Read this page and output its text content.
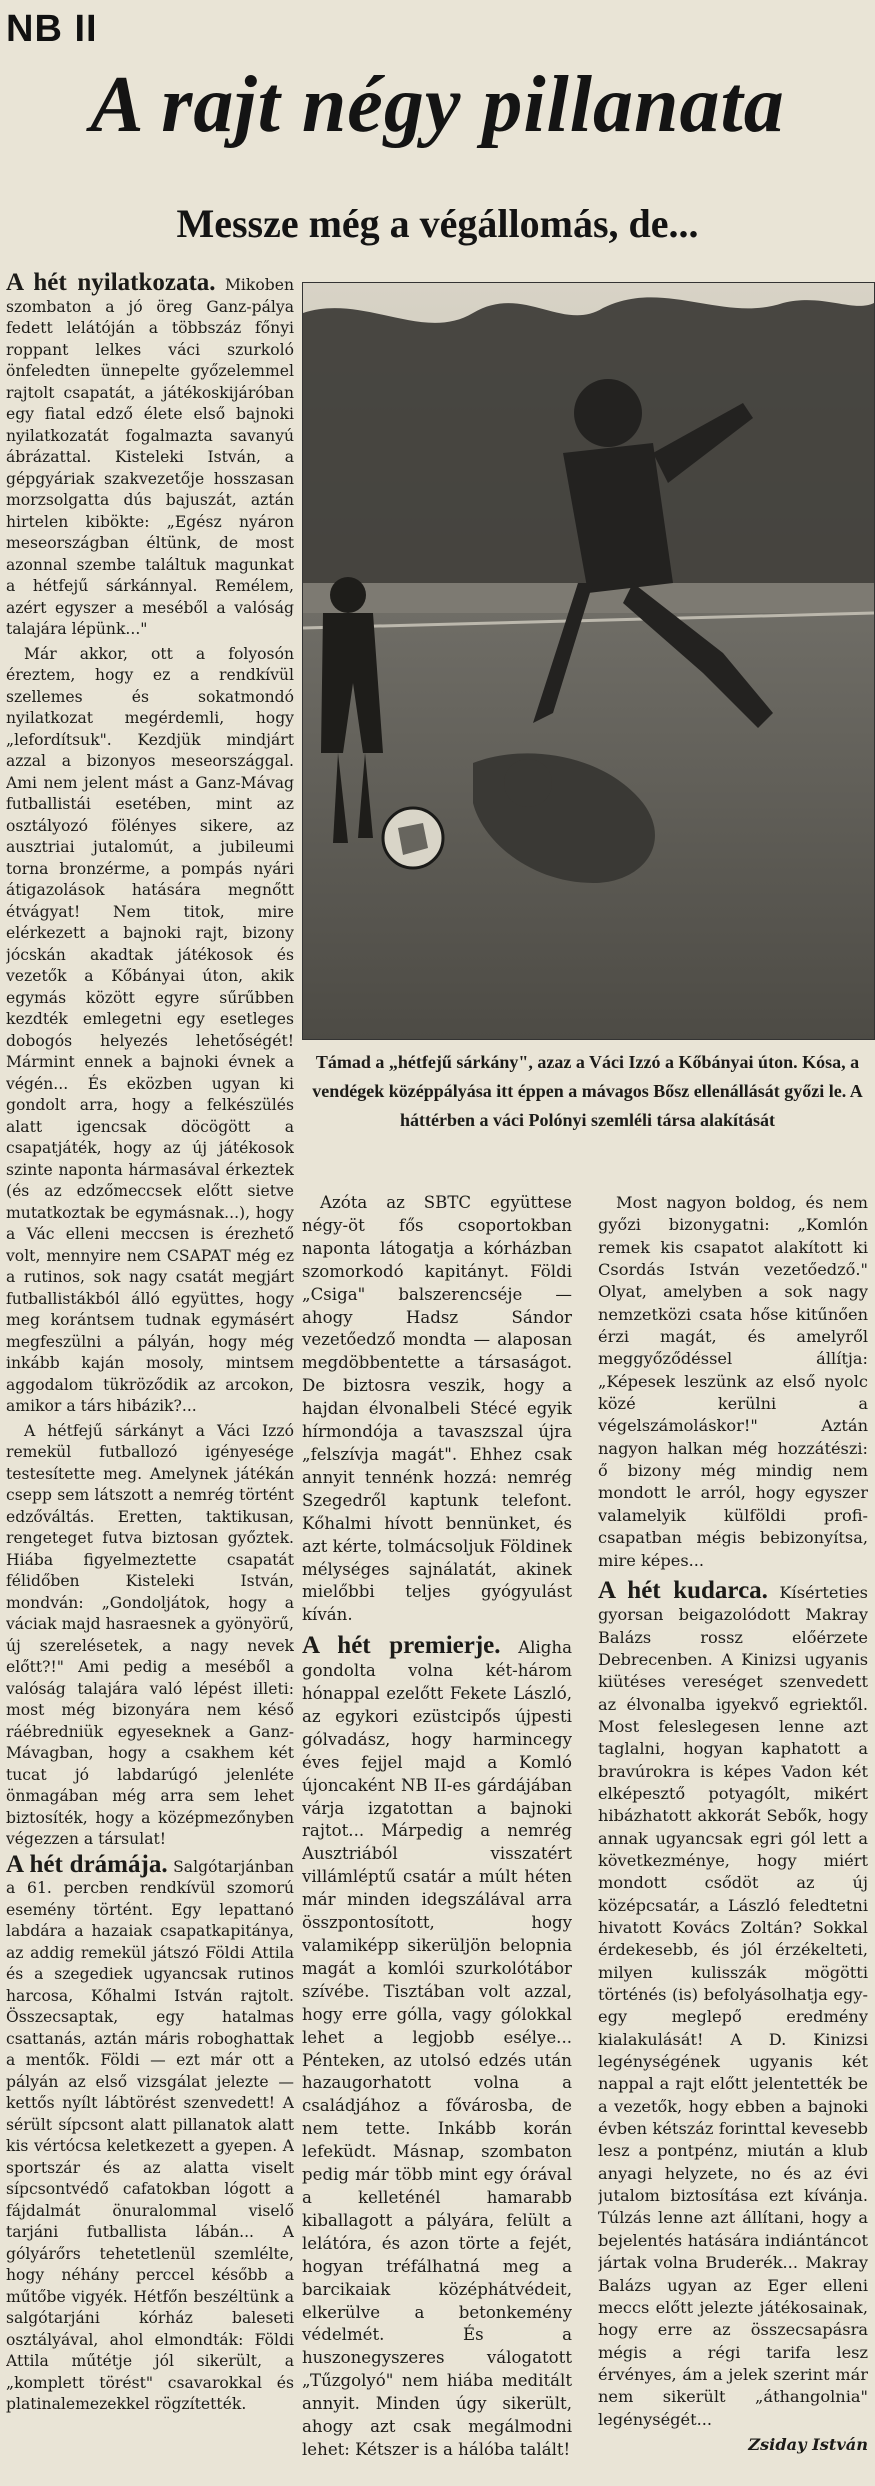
NB II
A rajt négy pillanata
Messze még a végállomás, de...

A hét nyilatkozata. Mikoben szombaton a jó öreg Ganz-pálya fedett lelátóján a többszáz főnyi roppant lelkes váci szurkoló önfeledten ünnepelte győzelemmel rajtolt csapatát, a játékoskijáróban egy fiatal edző élete első bajnoki nyilatkozatát fogalmazta savanyú ábrázattal. Kisteleki István, a gépgyáriak szakvezetője hosszasan morzsolgatta dús bajuszát, aztán hirtelen kibökte: „Egész nyáron meseországban éltünk, de most azonnal szembe találtuk magunkat a hétfejű sárkánnyal. Remélem, azért egyszer a meséből a valóság talajára lépünk..."

Már akkor, ott a folyosón éreztem, hogy ez a rendkívül szellemes és sokatmondó nyilatkozat megérdemli, hogy „lefordítsuk". Kezdjük mindjárt azzal a bizonyos meseországgal. Ami nem jelent mást a Ganz-Mávag futballistái esetében, mint az osztályozó fölényes sikere, az ausztriai jutalomút, a jubileumi torna bronzérme, a pompás nyári átigazolások hatására megnőtt étvágyat! Nem titok, mire elérkezett a bajnoki rajt, bizony jócskán akadtak játékosok és vezetők a Kőbányai úton, akik egymás között egyre sűrűbben kezdték emlegetni egy esetleges dobogós helyezés lehetőségét! Mármint ennek a bajnoki évnek a végén... És eközben ugyan ki gondolt arra, hogy a felkészülés alatt igencsak döcögött a csapatjáték, hogy az új játékosok szinte naponta hármasával érkeztek (és az edzőmeccsek előtt sietve mutatkoztak be egymásnak...), hogy a Vác elleni meccsen is érezhető volt, mennyire nem CSAPAT még ez a rutinos, sok nagy csatát megjárt futballistákból álló együttes, hogy meg korántsem tudnak egymásért megfeszülni a pályán, hogy még inkább kaján mosoly, mintsem aggodalom tükröződik az arcokon, amikor a társ hibázik?...

A hétfejű sárkányt a Váci Izzó remekül futballozó igényesége testesítette meg. Amelynek játékán csepp sem látszott a nemrég történt edzőváltás. Eretten, taktikusan, rengeteget futva biztosan győztek. Hiába figyelmeztette csapatát félidőben Kisteleki István, mondván: „Gondoljátok, hogy a váciak majd hasraesnek a gyönyörű, új szerelésetek, a nagy nevek előtt?!" Ami pedig a meséből a valóság talajára való lépést illeti: most még bizonyára nem késő ráébredniük egyeseknek a Ganz-Mávagban, hogy a csakhem két tucat jó labdarúgó jelenléte önmagában még arra sem lehet biztosíték, hogy a középmezőnyben végezzen a társulat!

A hét drámája. Salgótarjánban a 61. percben rendkívül szomorú esemény történt. Egy lepattanó labdára a hazaiak csapatkapitánya, az addig remekül játszó Földi Attila és a szegediek ugyancsak rutinos harcosa, Kőhalmi István rajtolt. Összecsaptak, egy hatalmas csattanás, aztán máris roboghattak a mentők. Földi — ezt már ott a pályán az első vizsgálat jelezte — kettős nyílt lábtörést szenvedett! A sérült sípcsont alatt pillanatok alatt kis vértócsa keletkezett a gyepen. A sportszár és az alatta viselt sípcsontvédő cafatokban lógott a fájdalmát önuralommal viselő tarjáni futballista lábán... A gólyárőrs tehetetlenül szemlélte, hogy néhány perccel később a műtőbe vigyék. Hétfőn beszéltünk a salgótarjáni kórház baleseti osztályával, ahol elmondták: Földi Attila műtétje jól sikerült, a „komplett törést" csavarokkal és platinalemezekkel rögzítették.

Támad a „hétfejű sárkány", azaz a Váci Izzó a Kőbányai úton. Kósa, a vendégek középpályása itt éppen a mávagos Bősz ellenállását győzi le. A háttérben a váci Polónyi szemléli társa alakítását

Azóta az SBTC együttese négy-öt fős csoportokban naponta látogatja a kórházban szomorkodó kapitányt. Földi „Csiga" balszerencséje — ahogy Hadsz Sándor vezetőedző mondta — alaposan megdöbbentette a társaságot. De biztosra veszik, hogy a hajdan élvonalbeli Stécé egyik hírmondója a tavaszszal újra „felszívja magát". Ehhez csak annyit tennénk hozzá: nemrég Szegedről kaptunk telefont. Kőhalmi hívott bennünket, és azt kérte, tolmácsoljuk Földinek mélységes sajnálatát, akinek mielőbbi teljes gyógyulást kíván.

A hét premierje. Aligha gondolta volna két-három hónappal ezelőtt Fekete László, az egykori ezüstcipős újpesti gólvadász, hogy harmincegy éves fejjel majd a Komló újoncaként NB II-es gárdájában várja izgatottan a bajnoki rajtot... Márpedig a nemrég Ausztriából visszatért villámléptű csatár a múlt héten már minden idegszálával arra összpontosított, hogy valamiképp sikerüljön belopnia magát a komlói szurkolótábor szívébe. Tisztában volt azzal, hogy erre gólla, vagy gólokkal lehet a legjobb esélye... Pénteken, az utolsó edzés után hazaugorhatott volna a családjához a fővárosba, de nem tette. Inkább korán lefeküdt. Másnap, szombaton pedig már több mint egy órával a kelleténél hamarabb kiballagott a pályára, felült a lelátóra, és azon törte a fejét, hogyan tréfálhatná meg a barcikaiak középhátvédeit, elkerülve a betonkemény védelmét. És a huszonegyszeres válogatott „Tűzgolyó" nem hiába meditált annyit. Minden úgy sikerült, ahogy azt csak megálmodni lehet: Kétszer is a hálóba talált!

Most nagyon boldog, és nem győzi bizonygatni: „Komlón remek kis csapatot alakított ki Csordás István vezetőedző." Olyat, amelyben a sok nagy nemzetközi csata hőse kitűnően érzi magát, és amelyről meggyőződéssel állítja: „Képesek leszünk az első nyolc közé kerülni a végelszámoláskor!" Aztán nagyon halkan még hozzátészi: ő bizony még mindig nem mondott le arról, hogy egyszer valamelyik külföldi profi-csapatban mégis bebizonyítsa, mire képes...

A hét kudarca. Kísérteties gyorsan beigazolódott Makray Balázs rossz előérzete Debrecenben. A Kinizsi ugyanis kiütéses vereséget szenvedett az élvonalba igyekvő egriektől. Most feleslegesen lenne azt taglalni, hogyan kaphatott a bravúrokra is képes Vadon két elképesztő potyagólt, mikért hibázhatott akkorát Sebők, hogy annak ugyancsak egri gól lett a következménye, hogy miért mondott csődöt az új középcsatár, a László feledtetni hivatott Kovács Zoltán? Sokkal érdekesebb, és jól érzékelteti, milyen kulisszák mögötti történés (is) befolyásolhatja egy-egy meglepő eredmény kialakulását! A D. Kinizsi legénységének ugyanis két nappal a rajt előtt jelentették be a vezetők, hogy ebben a bajnoki évben kétszáz forinttal kevesebb lesz a pontpénz, miután a klub anyagi helyzete, no és az évi jutalom biztosítása ezt kívánja. Túlzás lenne azt állítani, hogy a bejelentés hatására indiántáncot jártak volna Bruderék... Makray Balázs ugyan az Eger elleni meccs előtt jelezte játékosainak, hogy erre az összecsapásra mégis a régi tarifa lesz érvényes, ám a jelek szerint már nem sikerült „áthangolnia" legénységét...

Zsiday István
